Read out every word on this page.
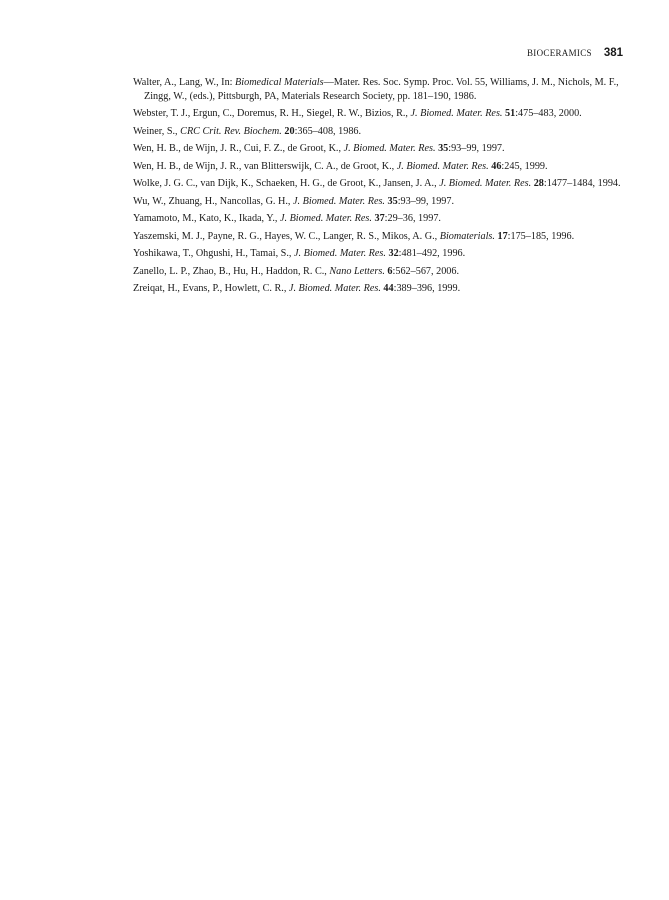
BIOCERAMICS 381
Walter, A., Lang, W., In: Biomedical Materials—Mater. Res. Soc. Symp. Proc. Vol. 55, Williams, J. M., Nichols, M. F., Zingg, W., (eds.), Pittsburgh, PA, Materials Research Society, pp. 181–190, 1986.
Webster, T. J., Ergun, C., Doremus, R. H., Siegel, R. W., Bizios, R., J. Biomed. Mater. Res. 51:475–483, 2000.
Weiner, S., CRC Crit. Rev. Biochem. 20:365–408, 1986.
Wen, H. B., de Wijn, J. R., Cui, F. Z., de Groot, K., J. Biomed. Mater. Res. 35:93–99, 1997.
Wen, H. B., de Wijn, J. R., van Blitterswijk, C. A., de Groot, K., J. Biomed. Mater. Res. 46:245, 1999.
Wolke, J. G. C., van Dijk, K., Schaeken, H. G., de Groot, K., Jansen, J. A., J. Biomed. Mater. Res. 28:1477–1484, 1994.
Wu, W., Zhuang, H., Nancollas, G. H., J. Biomed. Mater. Res. 35:93–99, 1997.
Yamamoto, M., Kato, K., Ikada, Y., J. Biomed. Mater. Res. 37:29–36, 1997.
Yaszemski, M. J., Payne, R. G., Hayes, W. C., Langer, R. S., Mikos, A. G., Biomaterials. 17:175–185, 1996.
Yoshikawa, T., Ohgushi, H., Tamai, S., J. Biomed. Mater. Res. 32:481–492, 1996.
Zanello, L. P., Zhao, B., Hu, H., Haddon, R. C., Nano Letters. 6:562–567, 2006.
Zreiqat, H., Evans, P., Howlett, C. R., J. Biomed. Mater. Res. 44:389–396, 1999.
